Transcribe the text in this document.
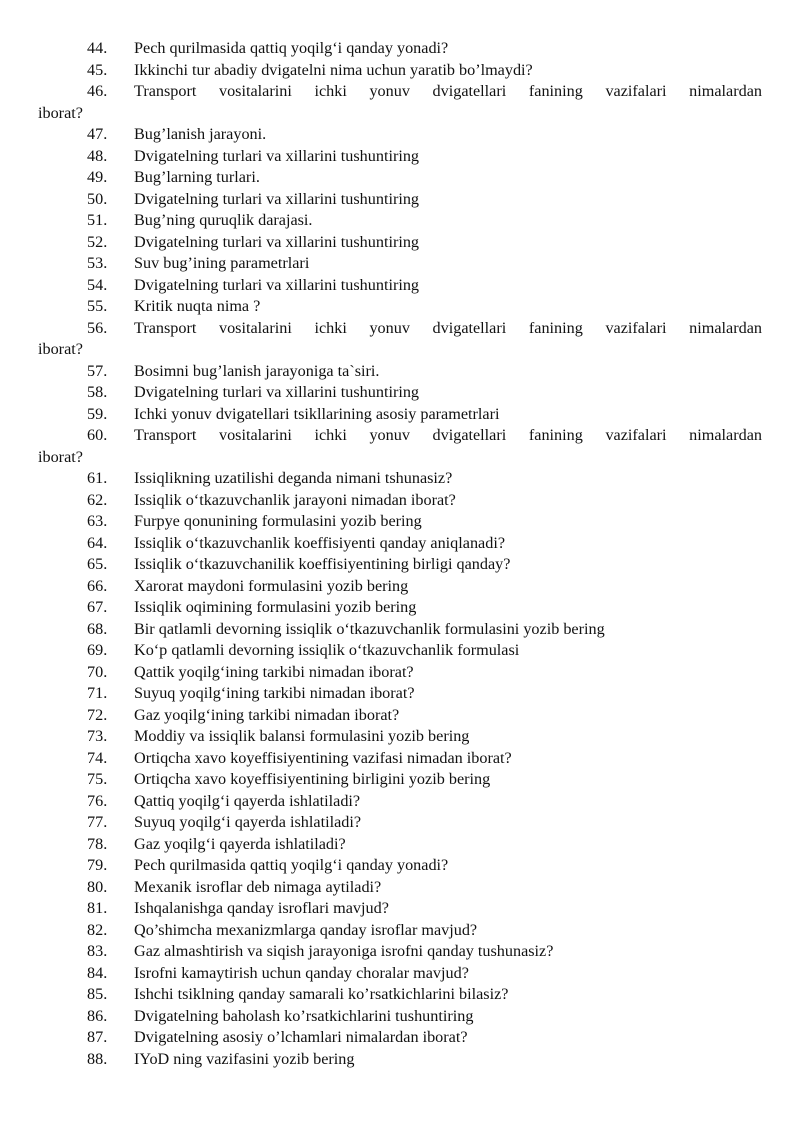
44. Pech qurilmasida qattiq yoqilg‘i qanday yonadi?
45. Ikkinchi tur abadiy dvigatelni nima uchun yaratib bo’lmaydi?
46. Transport vositalarini ichki yonuv dvigatellari fanining vazifalari nimalardan
iborat?
47. Bug’lanish jarayoni.
48. Dvigatelning turlari va xillarini tushuntiring
49. Bug’larning turlari.
50. Dvigatelning turlari va xillarini tushuntiring
51. Bug’ning quruqlik darajasi.
52. Dvigatelning turlari va xillarini tushuntiring
53. Suv bug’ining parametrlari
54. Dvigatelning turlari va xillarini tushuntiring
55. Kritik nuqta nima ?
56. Transport vositalarini ichki yonuv dvigatellari fanining vazifalari nimalardan
iborat?
57. Bosimni bug’lanish jarayoniga ta`siri.
58. Dvigatelning turlari va xillarini tushuntiring
59. Ichki yonuv dvigatellari tsikllarining asosiy parametrlari
60. Transport vositalarini ichki yonuv dvigatellari fanining vazifalari nimalardan
iborat?
61. Issiqlikning uzatilishi deganda nimani tshunasiz?
62. Issiqlik o‘tkazuvchanlik jarayoni nimadan iborat?
63. Furpye qonunining formulasini yozib bering
64. Issiqlik o‘tkazuvchanlik koeffisiyenti qanday aniqlanadi?
65. Issiqlik o‘tkazuvchanilik koeffisiyentining birligi qanday?
66. Xarorat maydoni formulasini yozib bering
67. Issiqlik oqimining formulasini yozib bering
68. Bir qatlamli devorning issiqlik o‘tkazuvchanlik formulasini yozib bering
69. Ko‘p qatlamli devorning issiqlik o‘tkazuvchanlik formulasi
70. Qattik yoqilg‘ining tarkibi nimadan iborat?
71. Suyuq yoqilg‘ining tarkibi nimadan iborat?
72. Gaz yoqilg‘ining tarkibi nimadan iborat?
73. Moddiy va issiqlik balansi formulasini yozib bering
74. Ortiqcha xavo koyeffisiyentining vazifasi nimadan iborat?
75. Ortiqcha xavo koyeffisiyentining birligini yozib bering
76. Qattiq yoqilg‘i qayerda ishlatiladi?
77. Suyuq yoqilg‘i qayerda ishlatiladi?
78. Gaz yoqilg‘i qayerda ishlatiladi?
79. Pech qurilmasida qattiq yoqilg‘i qanday yonadi?
80. Mexanik isroflar deb nimaga aytiladi?
81. Ishqalanishga qanday isroflari mavjud?
82. Qo’shimcha mexanizmlarga qanday isroflar mavjud?
83. Gaz almashtirish va siqish jarayoniga isrofni qanday tushunasiz?
84. Isrofni kamaytirish uchun qanday choralar mavjud?
85. Ishchi tsiklning qanday samarali ko’rsatkichlarini bilasiz?
86. Dvigatelning baholash ko’rsatkichlarini tushuntiring
87. Dvigatelning asosiy o’lchamlari nimalardan iborat?
88. IYoD ning vazifasini yozib bering
